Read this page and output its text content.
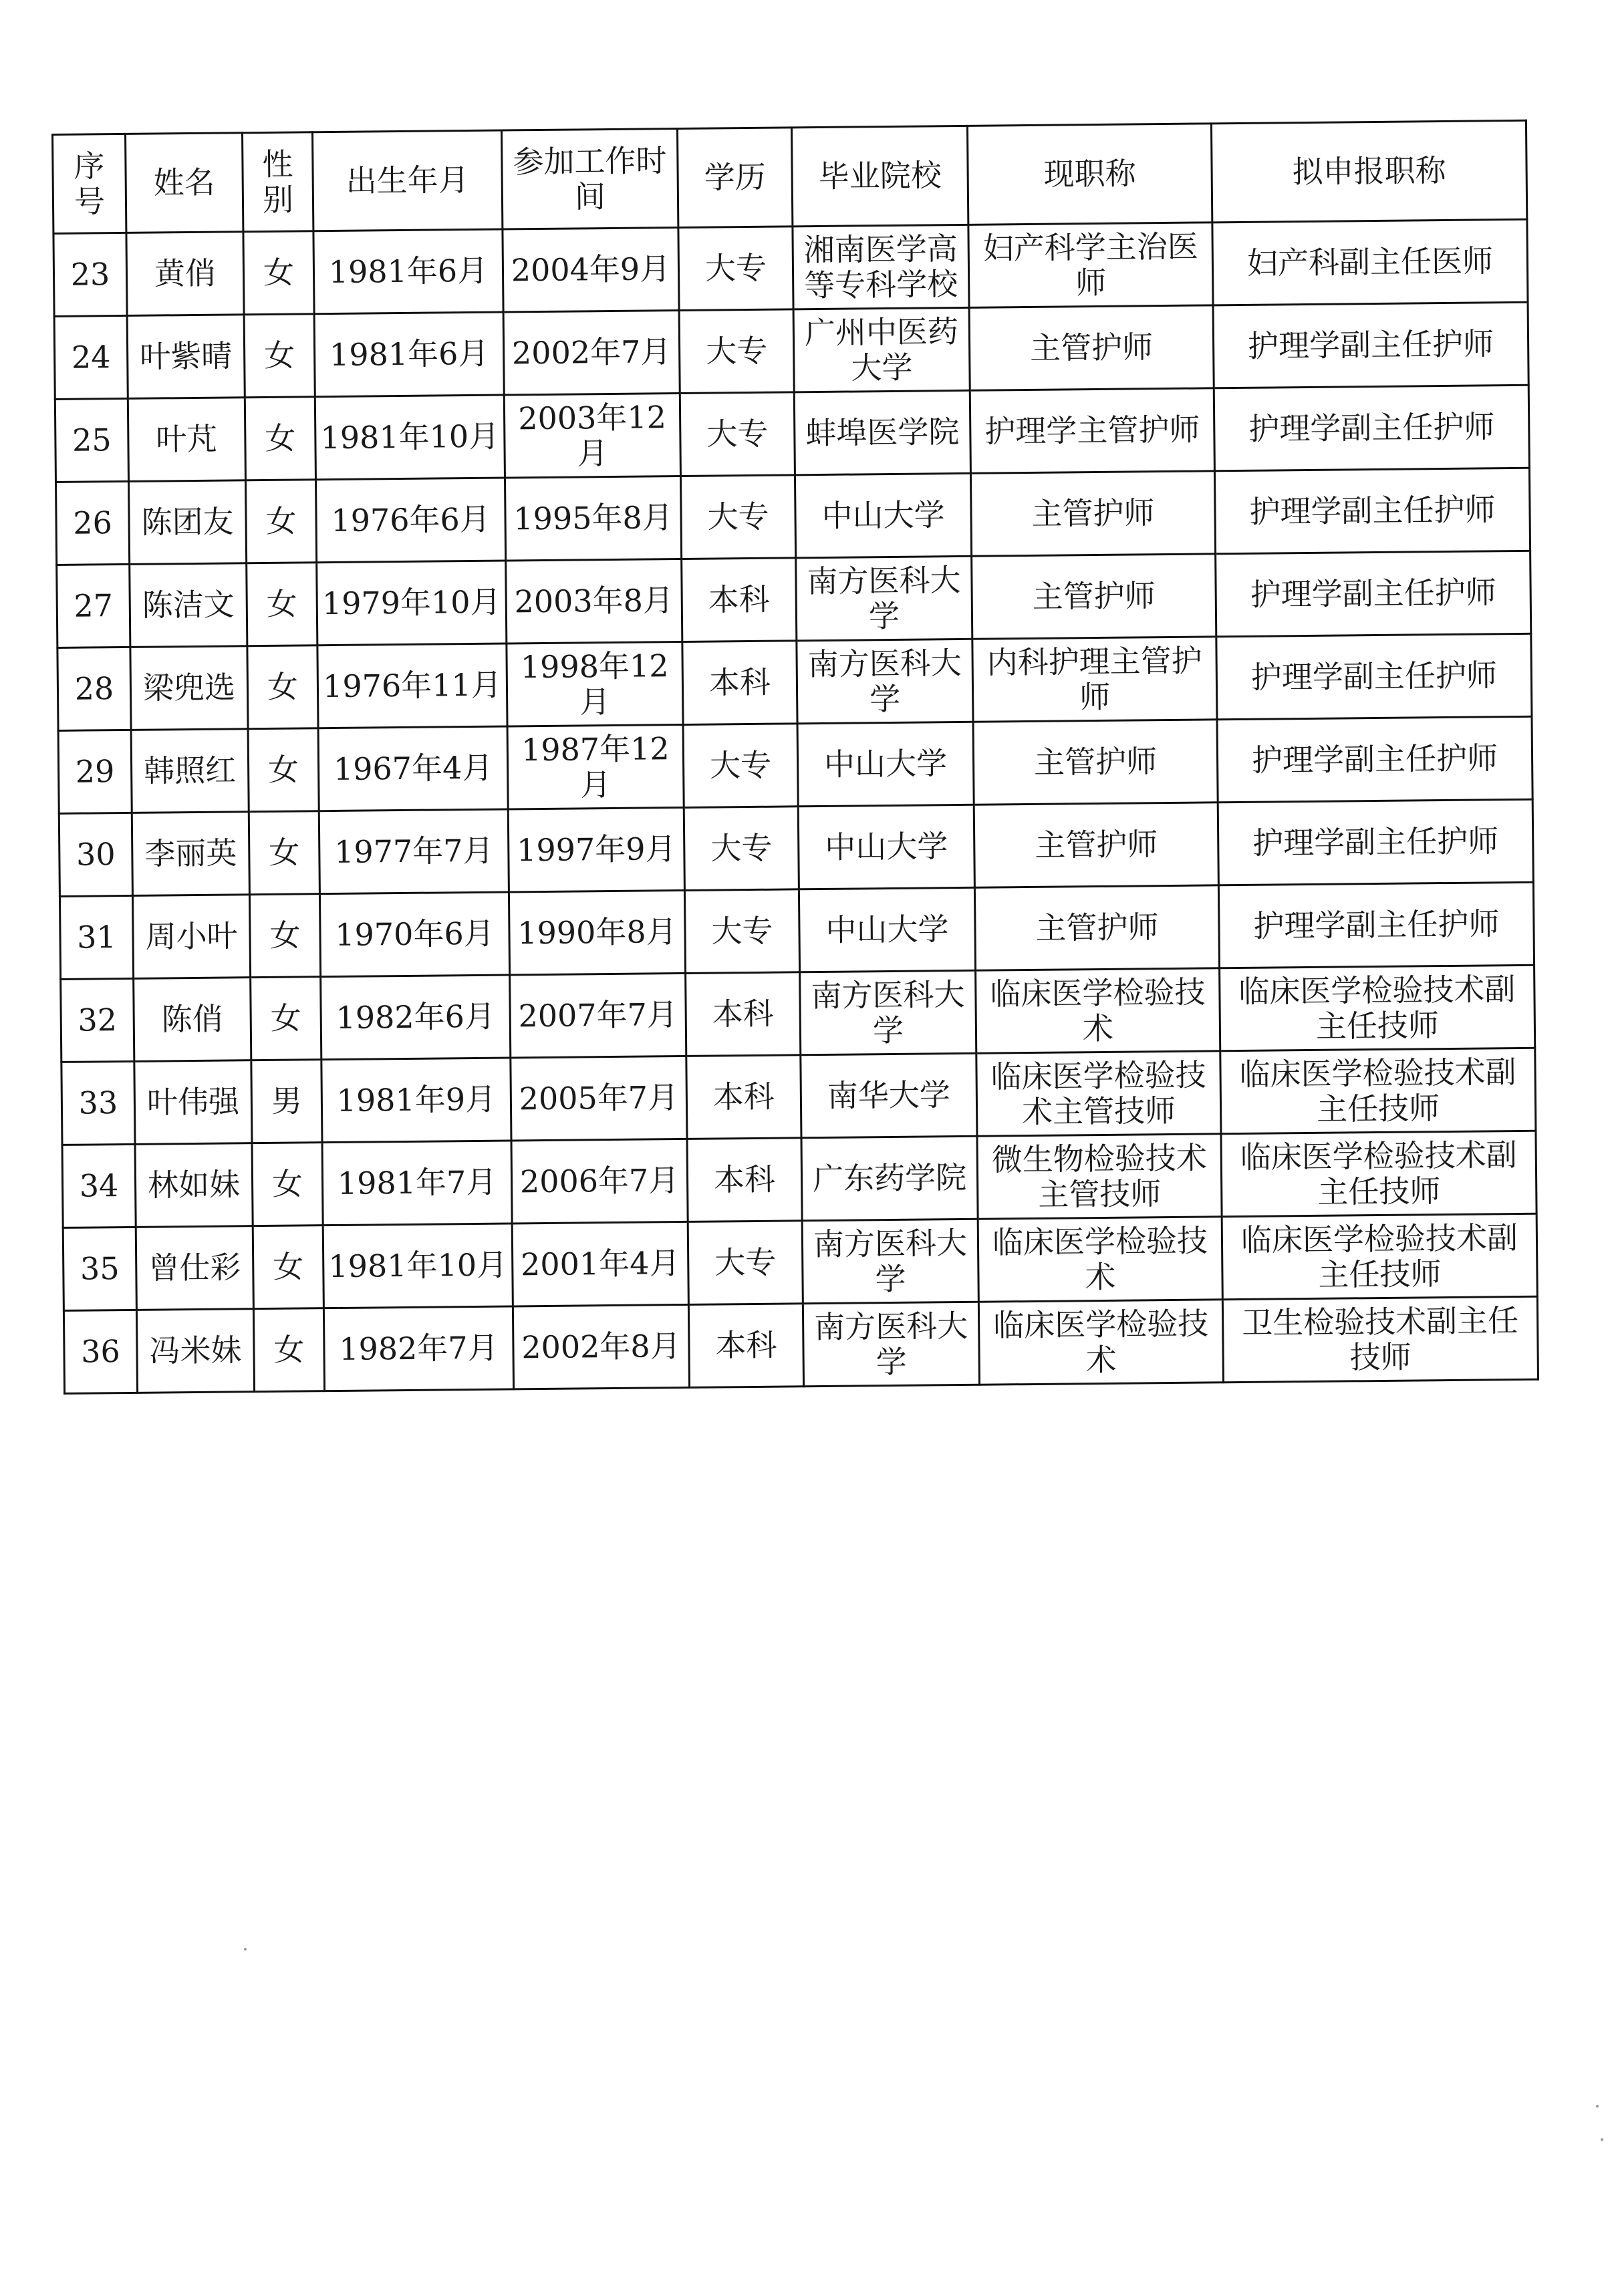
序号	姓名	性别	出生年月	参加工作时间	学历	毕业院校	现职称	拟申报职称
23	黄俏	女	1981年6月	2004年9月	大专	湘南医学高等专科学校	妇产科学主治医师	妇产科副主任医师
24	叶紫晴	女	1981年6月	2002年7月	大专	广州中医药大学	主管护师	护理学副主任护师
25	叶芃	女	1981年10月	2003年12月	大专	蚌埠医学院	护理学主管护师	护理学副主任护师
26	陈团友	女	1976年6月	1995年8月	大专	中山大学	主管护师	护理学副主任护师
27	陈洁文	女	1979年10月	2003年8月	本科	南方医科大学	主管护师	护理学副主任护师
28	梁兜选	女	1976年11月	1998年12月	本科	南方医科大学	内科护理主管护师	护理学副主任护师
29	韩照红	女	1967年4月	1987年12月	大专	中山大学	主管护师	护理学副主任护师
30	李丽英	女	1977年7月	1997年9月	大专	中山大学	主管护师	护理学副主任护师
31	周小叶	女	1970年6月	1990年8月	大专	中山大学	主管护师	护理学副主任护师
32	陈俏	女	1982年6月	2007年7月	本科	南方医科大学	临床医学检验技术	临床医学检验技术副主任技师
33	叶伟强	男	1981年9月	2005年7月	本科	南华大学	临床医学检验技术主管技师	临床医学检验技术副主任技师
34	林如妹	女	1981年7月	2006年7月	本科	广东药学院	微生物检验技术主管技师	临床医学检验技术副主任技师
35	曾仕彩	女	1981年10月	2001年4月	大专	南方医科大学	临床医学检验技术	临床医学检验技术副主任技师
36	冯米妹	女	1982年7月	2002年8月	本科	南方医科大学	临床医学检验技术	卫生检验技术副主任技师
